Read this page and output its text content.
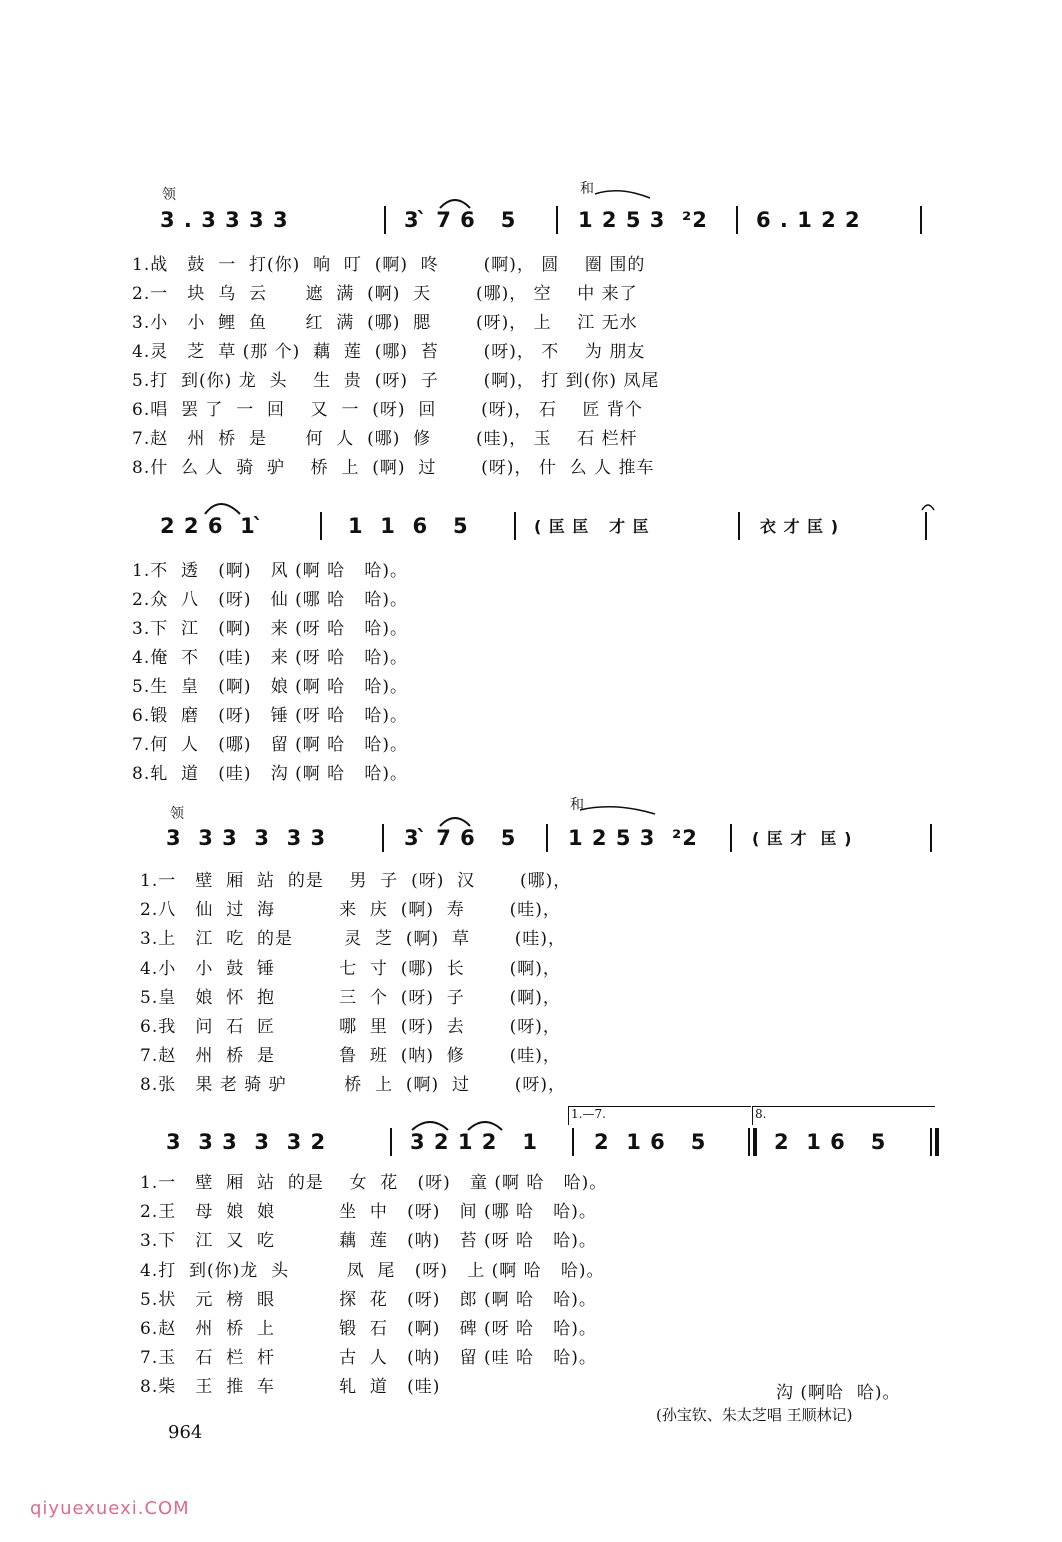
领	和
3 . 3 3 3 3	3 ̀ 7 6   5	1 2 5 3  ²2 6 . 1 2 2
1.战   鼓  一  打(你)  响  叮  (啊)  咚       (啊)， 圆    圈 围的
2.一   块  乌  云      遮  满  (啊)  天       (哪)， 空    中 来了
3.小   小  鲤  鱼      红  满  (哪)  腮       (呀)， 上    江 无水
4.灵   芝  草 (那 个)  藕  莲  (哪)  苔       (呀)， 不    为 朋友
5.打  到(你) 龙  头    生  贵  (呀)  子       (啊)， 打 到(你) 凤尾
6.唱  罢 了  一  回    又  一  (呀)  回       (呀)， 石    匠 背个
7.赵   州  桥  是      何  人  (哪)  修       (哇)， 玉    石 栏杆
8.什  么 人  骑  驴    桥  上  (啊)  过       (呀)， 什  么 人 推车
2 2 6  1 ̀	1  1  6   5	( 匡 匡   才 匡	衣 才 匡 )
1.不  透   (啊)   风 (啊 哈   哈)。
2.众  八   (呀)   仙 (哪 哈   哈)。
3.下  江   (啊)   来 (呀 哈   哈)。
4.俺  不   (哇)   来 (呀 哈   哈)。
5.生  皇   (啊)   娘 (啊 哈   哈)。
6.锻  磨   (呀)   锤 (呀 哈   哈)。
7.何  人   (哪)   留 (啊 哈   哈)。
8.轧  道   (哇)   沟 (啊 哈   哈)。
领
和
3  3 3  3  3 3	3 ̀ 7 6   5 1 2 5 3  ²2	( 匡 才  匡 )
1.一   壁  厢  站  的是    男  子  (呀)  汉       (哪)，
2.八   仙  过  海          来  庆  (啊)  寿       (哇)，
3.上   江  吃  的是        灵  芝  (啊)  草       (哇)，
4.小   小  鼓  锤          七  寸  (哪)  长       (啊)，
5.皇   娘  怀  抱          三  个  (呀)  子       (啊)，
6.我   问  石  匠          哪  里  (呀)  去       (呀)，
7.赵   州  桥  是          鲁  班  (呐)  修       (哇)，
8.张   果 老 骑 驴         桥  上  (啊)  过       (呀)，
1.—7.	8.
3  3 3  3  3 2	3 2 1 2   1	2  1 6   5	2  1 6   5
1.一   壁  厢  站  的是    女  花   (呀)   童 (啊 哈   哈)。
2.王   母  娘  娘          坐  中   (呀)   间 (哪 哈   哈)。
3.下   江  又  吃          藕  莲   (呐)   苔 (呀 哈   哈)。
4.打  到(你)龙  头         凤  尾   (呀)   上 (啊 哈   哈)。
5.状   元  榜  眼          探  花   (呀)   郎 (啊 哈   哈)。
6.赵   州  桥  上          锻  石   (啊)   碑 (呀 哈   哈)。
7.玉   石  栏  杆          古  人   (呐)   留 (哇 哈   哈)。
8.柴   王  推  车          轧  道   (哇)	沟 (啊哈  哈)。
(孙宝钦、朱太芝唱 王顺林记)
964
qiyuexuexi.COM
